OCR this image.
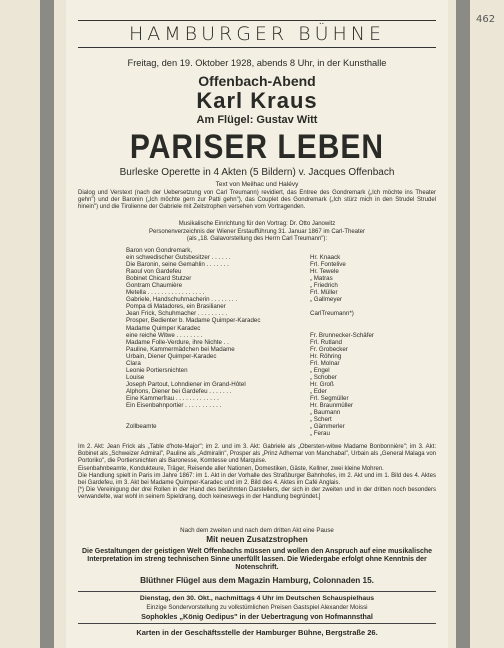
462
HAMBURGER BÜHNE
Freitag, den 19. Oktober 1928, abends 8 Uhr, in der Kunsthalle
Offenbach-Abend
Karl Kraus
Am Flügel: Gustav Witt
PARISER LEBEN
Burleske Operette in 4 Akten (5 Bildern) v. Jacques Offenbach
Text von Meilhac und Halévy
Dialog und Verstext (nach der Uebersetzung von Carl Treumann) revidiert, das Entree des Gondremark („Ich möchte ins Theater gehn") und der Baronin („Ich möchte gern zur Patti gehn"), das Couplet des Gondremark („Ich stürz mich in den Strudel Strudel hinein") und die Tirolienne der Gabriele mit Zeitstrophen versehen vom Vortragenden.
Musikalische Einrichtung für den Vortrag: Dr. Otto Janowitz
Personenverzeichnis der Wiener Erstaufführung 31. Januar 1867 im Carl-Theater
(als „18. Galavorstellung des Herrn Carl Treumann"):
Baron von Gondremark,
ein schwedischer Gutsbesitzer . . . . . .
Die Baronin, seine Gemahlin . . . . . . .
Raoul von Gardefeu
Bobinet Chicard Stutzer
Gontram Chaumière
Metella . . . . . . . . . . . . . . . . .
Gabriele, Handschuhmacherin . . . . . . . .
Pompa di Matadores, ein Brasilianer
Jean Frick, Schuhmacher . . . . . . . . .
Prosper, Bedienter b. Madame Quimper-Karadec
Madame Quimper Karadec
eine reiche Witwe . . . . . . . .
Madame Folle-Verdure, ihre Nichte . .
Pauline, Kammermädchen bei Madame
Urbain, Diener Quimper-Karadec
Clara
Leonie Portiersnichten
Louise
Joseph Partout, Lohndiener im Grand-Hôtel
Alphons, Diener bei Gardefeu . . . . . . .
Eine Kammerfrau . . . . . . . . . . . . .
Ein Eisenbahnportier . . . . . . . . . . .
Zollbeamte
Hr. Knaack
Frl. Fontelive
Hr. Tewele
„ Matras
„ Friedrich
Frl. Müller
„ Gallmeyer
CarlTreumann*)
Fr. Brunnecker-Schäfer
Frl. Rutland
Fr. Grobecker
Hr. Röhring
Frl. Molnar
„ Engel
„ Schober
Hr. Groß
„ Eder
Frl. Segmüller
Hr. Braunmüller
„ Baumann
„ Schert
„ Gämmerler
„ Ferau
Im 2. Akt: Jean Frick als „Table d'hote-Major"; im 2. und im 3. Akt: Gabriele als „Obersten-witwe Madame Bonbonnière"; im 3. Akt: Bobinet als „Schweizer Admiral", Pauline als „Admiralin", Prosper als „Prinz Adhemar von Manchabal", Urbain als „General Malaga von Portoriko", die Portiersnichten als Baronesse, Komtesse und Marquise.
Eisenbahnbeamte, Kondukteure, Träger, Reisende aller Nationen, Domestiken, Gäste, Kellner, zwei kleine Mohren.
Die Handlung spielt in Paris im Jahre 1867: im 1. Akt in der Vorhalle des Straßburger Bahnhofes, im 2. Akt und im 1. Bild des 4. Aktes bei Gardefeu, im 3. Akt bei Madame Quimper-Karadec und im 2. Bild des 4. Aktes im Café Anglais.
[*) Die Vereinigung der drei Rollen in der Hand des berühmten Darstellers, der sich in der zweiten und in der dritten noch besonders verwandelte, war wohl in seinem Spieldrang, doch keineswegs in der Handlung begründet.]
Nach dem zweiten und nach dem dritten Akt eine Pause
Mit neuen Zusatzstrophen
Die Gestaltungen der geistigen Welt Offenbachs müssen und wollen den Anspruch auf eine musikalische Interpretation im streng technischen Sinne unerfüllt lassen. Die Wiedergabe erfolgt ohne Kenntnis der Notenschrift.
Blüthner Flügel aus dem Magazin Hamburg, Colonnaden 15.
Dienstag, den 30. Okt., nachmittags 4 Uhr im Deutschen Schauspielhaus
Einzige Sondervorstellung zu volkstümlichen Preisen Gastspiel Alexander Moissi
Sophokles „König Oedipus" in der Uebertragung von Hofmannsthal
Karten in der Geschäftsstelle der Hamburger Bühne, Bergstraße 26.
